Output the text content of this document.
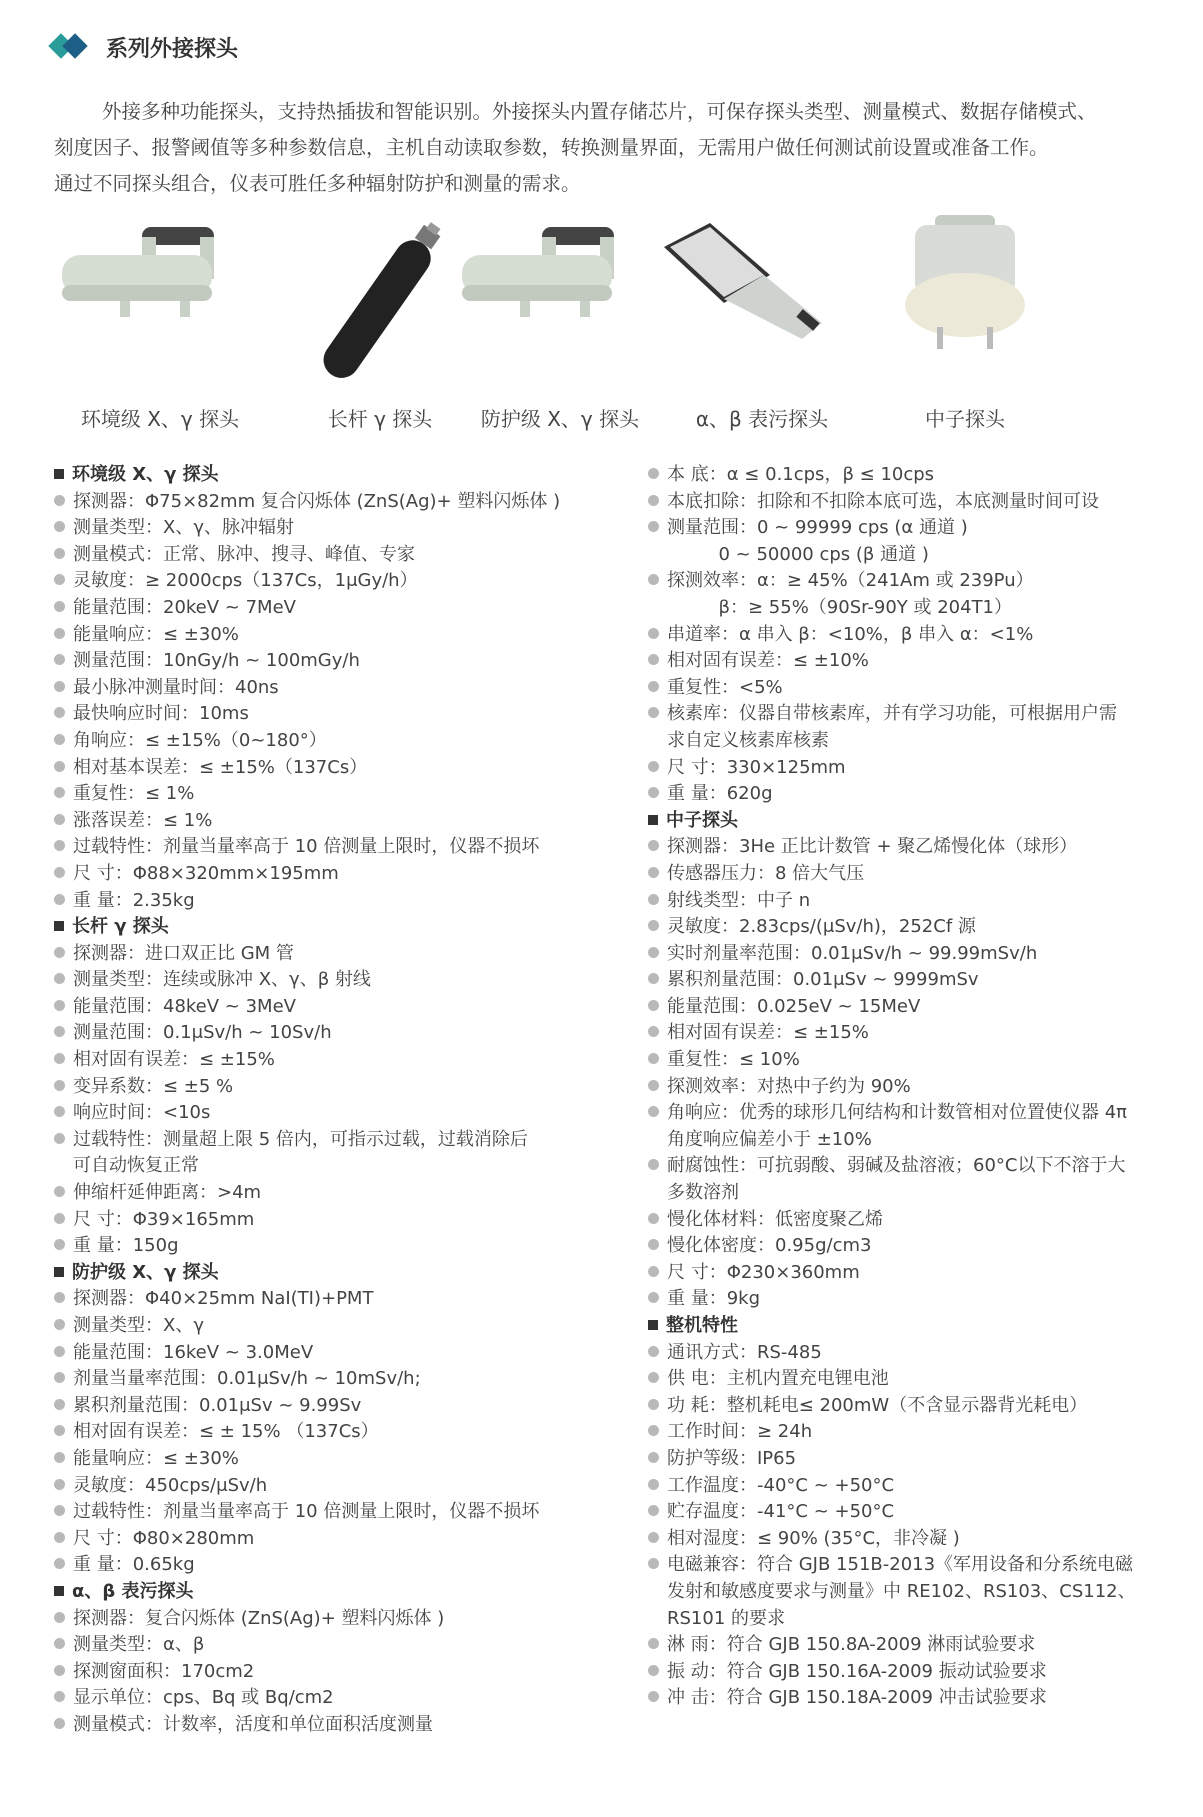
系列外接探头

外接多种功能探头，支持热插拔和智能识别。外接探头内置存储芯片，可保存探头类型、测量模式、数据存储模式、

刻度因子、报警阈值等多种参数信息，主机自动读取参数，转换测量界面，无需用户做任何测试前设置或准备工作。

通过不同探头组合，仪表可胜任多种辐射防护和测量的需求。

环境级 X、γ 探头	长杆 γ 探头	防护级 X、γ 探头	α、β 表污探头	中子探头
环境级 X、γ 探头
探测器：Φ75×82mm 复合闪烁体 (ZnS(Ag)+ 塑料闪烁体 )
测量类型：X、γ、脉冲辐射
测量模式：正常、脉冲、搜寻、峰值、专家
灵敏度：≥ 2000cps（137Cs，1μGy/h）
能量范围：20keV ~ 7MeV
能量响应：≤ ±30%
测量范围：10nGy/h ~ 100mGy/h
最小脉冲测量时间：40ns
最快响应时间：10ms
角响应：≤ ±15%（0~180°）
相对基本误差：≤ ±15%（137Cs）
重复性：≤ 1%
涨落误差：≤ 1%
过载特性：剂量当量率高于 10 倍测量上限时，仪器不损坏
尺 寸：Φ88×320mm×195mm
重 量：2.35kg
长杆 γ 探头
探测器：进口双正比 GM 管
测量类型：连续或脉冲 X、γ、β 射线
能量范围：48keV ~ 3MeV
测量范围：0.1μSv/h ~ 10Sv/h
相对固有误差：≤ ±15%
变异系数：≤ ±5 %
响应时间：<10s
过载特性：测量超上限 5 倍内，可指示过载，过载消除后
可自动恢复正常
伸缩杆延伸距离：>4m
尺 寸：Φ39×165mm
重 量：150g
防护级 X、γ 探头
探测器：Φ40×25mm NaI(TI)+PMT
测量类型：X、γ
能量范围：16keV ~ 3.0MeV
剂量当量率范围：0.01μSv/h ~ 10mSv/h;
累积剂量范围：0.01μSv ~ 9.99Sv
相对固有误差：≤ ± 15% （137Cs）
能量响应：≤ ±30%
灵敏度：450cps/μSv/h
过载特性：剂量当量率高于 10 倍测量上限时，仪器不损坏
尺 寸：Φ80×280mm
重 量：0.65kg
α、β 表污探头
探测器：复合闪烁体 (ZnS(Ag)+ 塑料闪烁体 )
测量类型：α、β
探测窗面积：170cm2
显示单位：cps、Bq 或 Bq/cm2
测量模式：计数率，活度和单位面积活度测量
本 底：α ≤ 0.1cps，β ≤ 10cps
本底扣除：扣除和不扣除本底可选，本底测量时间可设
测量范围：0 ~ 99999 cps (α 通道 )
0 ~ 50000 cps (β 通道 )
探测效率：α：≥ 45%（241Am 或 239Pu）
β：≥ 55%（90Sr-90Y 或 204T1）
串道率：α 串入 β：<10%，β 串入 α：<1%
相对固有误差：≤ ±10%
重复性：<5%
核素库：仪器自带核素库，并有学习功能，可根据用户需
求自定义核素库核素
尺 寸：330×125mm
重 量：620g
中子探头
探测器：3He 正比计数管 + 聚乙烯慢化体（球形）
传感器压力：8 倍大气压
射线类型：中子 n
灵敏度：2.83cps/(μSv/h)，252Cf 源
实时剂量率范围：0.01μSv/h ~ 99.99mSv/h
累积剂量范围：0.01μSv ~ 9999mSv
能量范围：0.025eV ~ 15MeV
相对固有误差：≤ ±15%
重复性：≤ 10%
探测效率：对热中子约为 90%
角响应：优秀的球形几何结构和计数管相对位置使仪器 4π
角度响应偏差小于 ±10%
耐腐蚀性：可抗弱酸、弱碱及盐溶液；60°C以下不溶于大
多数溶剂
慢化体材料：低密度聚乙烯
慢化体密度：0.95g/cm3
尺 寸：Φ230×360mm
重 量：9kg
整机特性
通讯方式：RS-485
供 电：主机内置充电锂电池
功 耗：整机耗电≤ 200mW（不含显示器背光耗电）
工作时间：≥ 24h
防护等级：IP65
工作温度：-40°C ~ +50°C
贮存温度：-41°C ~ +50°C
相对湿度：≤ 90% (35°C，非冷凝 )
电磁兼容：符合 GJB 151B-2013《军用设备和分系统电磁
发射和敏感度要求与测量》中 RE102、RS103、CS112、
RS101 的要求
淋 雨：符合 GJB 150.8A-2009 淋雨试验要求
振 动：符合 GJB 150.16A-2009 振动试验要求
冲 击：符合 GJB 150.18A-2009 冲击试验要求
